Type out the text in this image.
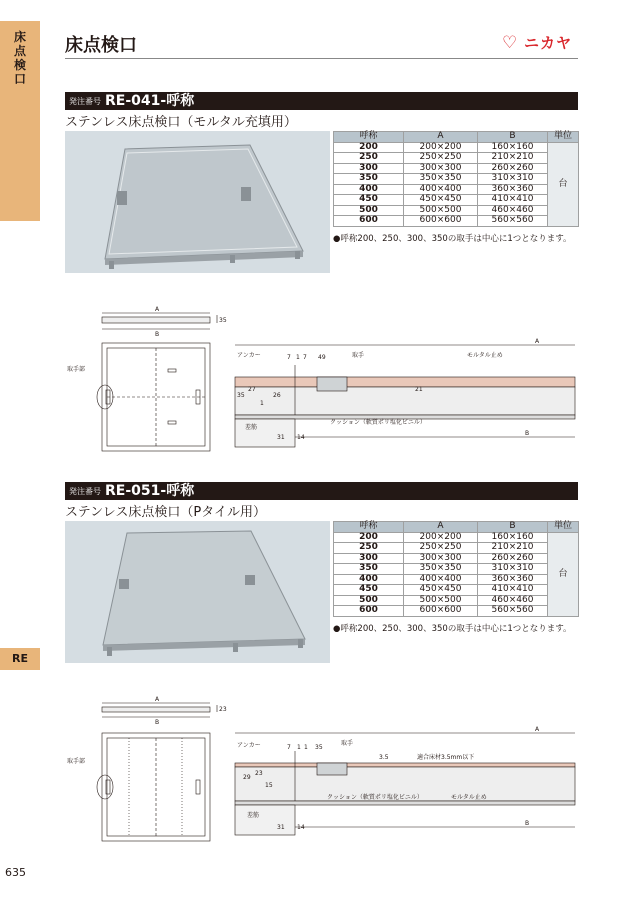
床点検口
RE
635
床点検口	♡ ニカヤ
発注番号 RE-041-呼称
ステンレス床点検口（モルタル充填用）
呼称	A	B	単位
200	200×200	160×160	台
250	250×250	210×210	
300	300×300	260×260	
350	350×350	310×310	
400	400×400	360×360	
450	450×450	410×410	
500	500×500	460×460	
600	600×600	560×560	
●呼称200、250、300、350の取手は中心に1つとなります。
A
35
B
取手部
アンカー	取手	モルタル止め
クッション（軟質ポリ塩化ビニル）
差筋
A
B
7 1 7 49
35
27
26
21
1
31 14
発注番号 RE-051-呼称
ステンレス床点検口（Pタイル用）
呼称	A	B	単位
200	200×200	160×160	台
250	250×250	210×210	
300	300×300	260×260	
350	350×350	310×310	
400	400×400	360×360	
450	450×450	410×410	
500	500×500	460×460	
600	600×600	560×560	
●呼称200、250、300、350の取手は中心に1つとなります。
A
23
B
取手部
アンカー	取手
適合床材3.5mm以下
モルタル止め
クッション（軟質ポリ塩化ビニル）
差筋
A
B
7 1 1 35
3.5
29
23
15
31 14
